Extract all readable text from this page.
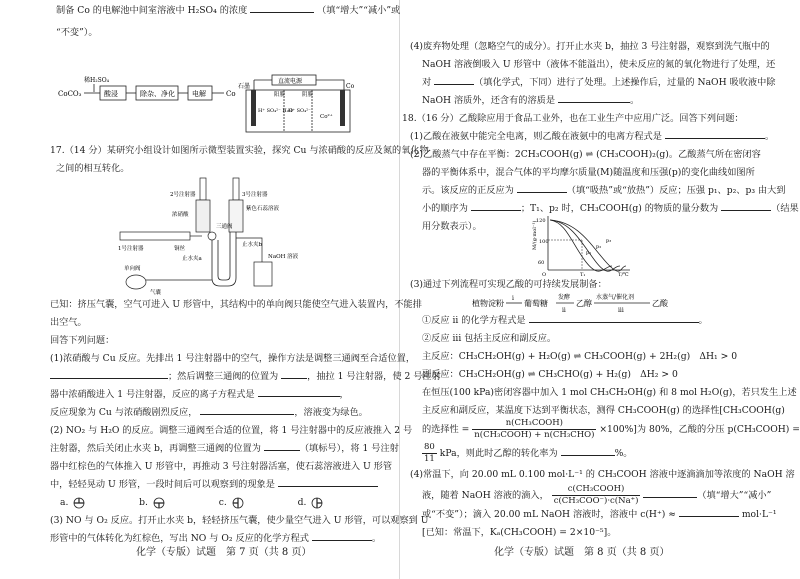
制备 Co 的电解池中间室溶液中 H₂SO₄ 的浓度	（填“增大”“减小”或
“不变”）。
CoCO₃
稀H₂SO₄
酸浸	除杂、净化 电解	Co
直流电源
石墨	Co
阳膜	阴膜
H⁺ SO₄²⁻ H₂O
H⁺ SO₄²⁻
Co²⁺
17.（14 分）某研究小组设计如图所示微型装置实验，探究 Cu 与浓硝酸的反应及氮的氧化物
之间的相互转化。
2号注射器	3号注射器
浓硝酸
紫色石蕊溶液
1号注射器	铜丝
三通阀
NaOH 溶液
止水夹b
止水夹a
单向阀
气囊
已知：挤压气囊，空气可进入 U 形管中，其结构中的单向阀只能使空气进入装置内，不能排
出空气。
回答下列问题：
(1)浓硝酸与 Cu 反应。先排出 1 号注射器中的空气，操作方法是调整三通阀至合适位置，
；然后调整三通阀的位置为	，抽拉 1 号注射器，使 2 号注射
器中浓硝酸进入 1 号注射器，反应的离子方程式是	，
反应现象为 Cu 与浓硝酸剧烈反应，	，溶液变为绿色。
(2) NO₂ 与 H₂O 的反应。调整三通阀至合适的位置，将 1 号注射器中的反应液推入 2 号
注射器，然后关闭止水夹 b，再调整三通阀的位置为	（填标号），将 1 号注射
器中红棕色的气体推入 U 形管中，再推动 3 号注射器活塞，使石蕊溶液进入 U 形管
中，轻轻晃动 U 形管，一段时间后可以观察到的现象是
a.	b.	c.	d.
(3) NO 与 O₂ 反应。打开止水夹 b，轻轻挤压气囊，使少量空气进入 U 形管，可以观察到 U
形管中的气体转化为红棕色，写出 NO 与 O₂ 反应的化学方程式	。
化学（专版）试题　第 7 页（共 8 页）
(4)废弃物处理（忽略空气的成分）。打开止水夹 b，抽拉 3 号注射器，观察到洗气瓶中的
NaOH 溶液倒吸入 U 形管中（液体不能溢出），使未反应的氮的氧化物进行了处理，还
对	（填化学式，下同）进行了处理。上述操作后，过量的 NaOH 吸收液中除
NaOH 溶质外，还含有的溶质是	。
18.（16 分）乙酸除应用于食品工业外，也在工业生产中应用广泛。回答下列问题：
(1)乙酸在液氨中能完全电离，则乙酸在液氨中的电离方程式是	。
(2)乙酸蒸气中存在平衡：2CH₃COOH(g) ⇌ (CH₃COOH)₂(g)。乙酸蒸气所在密闭容
器的平衡体系中，混合气体的平均摩尔质量(M)随温度和压强(p)的变化曲线如图所
示。该反应的正反应为	（填“吸热”或“放热”）反应；压强 p₁、p₂、p₃ 由大到
小的顺序为	；T₁、p₂ 时，CH₃COOH(g) 的物质的量分数为	（结果
用分数表示）。	M/(g·mol⁻¹)
120
60
100
O	T/℃
T₁
p₁
p₂
p₃
(3)通过下列流程可实现乙酸的可持续发展制备：
植物淀粉
i
葡萄糖
发酵
ii
乙醇
水蒸气/催化剂
iii
乙酸
①反应 ii 的化学方程式是	。
②反应 iii 包括主反应和副反应。
主反应：CH₃CH₂OH(g) + H₂O(g) ⇌ CH₃COOH(g) + 2H₂(g)　ΔH₁ > 0
副反应：CH₃CH₂OH(g) ⇌ CH₃CHO(g) + H₂(g)　ΔH₂ > 0
在恒压(100 kPa)密闭容器中加入 1 mol CH₃CH₂OH(g) 和 8 mol H₂O(g)，若只发生上述
主反应和副反应，某温度下达到平衡状态，测得 CH₃COOH(g) 的选择性[CH₃COOH(g)
的选择性 = $\frac{\text{n(CH₃COOH)}}{\text{n(CH₃COOH) + n(CH₃CHO)}} \times 100\%$]为 80%，乙酸的分压 p(CH₃COOH) =
$\frac{80}{11}$ kPa，则此时乙醇的转化率为	%。
(4)常温下，向 20.00 mL 0.100 mol·L⁻¹ 的 CH₃COOH 溶液中逐滴滴加等浓度的 NaOH 溶
液，随着 NaOH 溶液的滴入， $\frac{\text{c(CH₃COOH)}}{\text{c(CH₃COO⁻)·c(Na⁺)}}$	（填“增大”“减小”
或“不变”）；滴入 20.00 mL NaOH 溶液时，溶液中 c(H⁺) ≈	mol·L⁻¹
[已知：常温下，Kₐ(CH₃COOH) = 2×10⁻⁵]。
化学（专版）试题　第 8 页（共 8 页）
